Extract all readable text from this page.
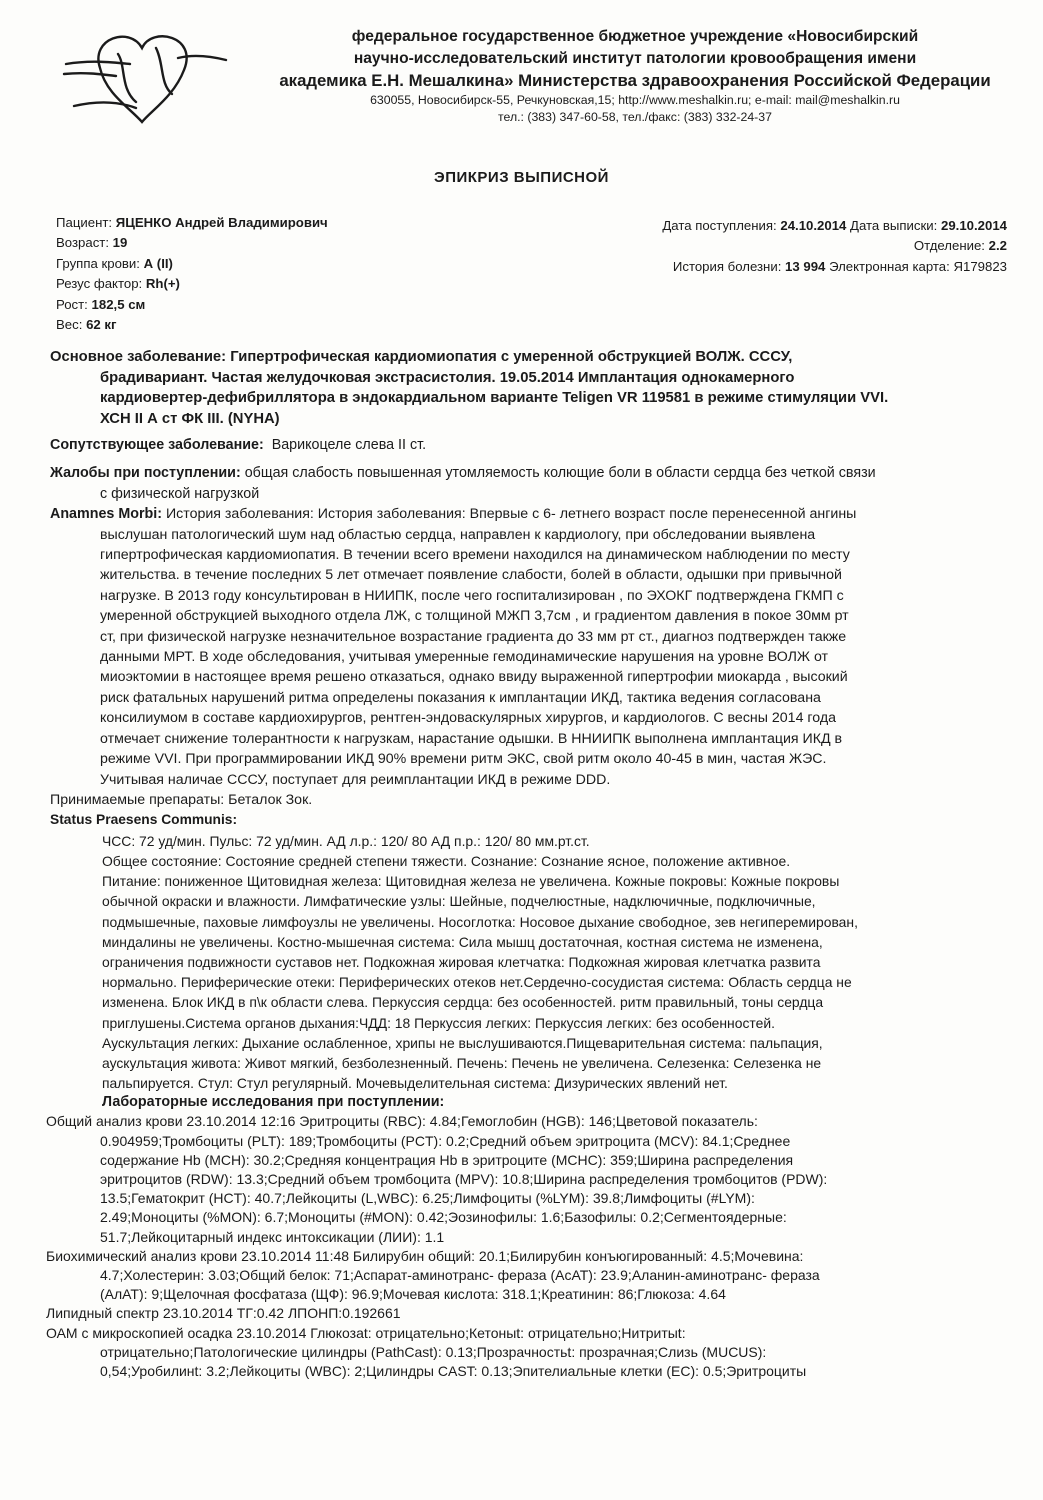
федеральное государственное бюджетное учреждение «Новосибирский
научно-исследовательский институт патологии кровообращения имени
академика Е.Н. Мешалкина» Министерства здравоохранения Российской Федерации
630055, Новосибирск-55, Речкуновская,15; http://www.meshalkin.ru; e-mail: mail@meshalkin.ru
тел.: (383) 347-60-58, тел./факс: (383) 332-24-37
ЭПИКРИЗ ВЫПИСНОЙ
Пациент: ЯЦЕНКО Андрей Владимирович
Возраст: 19
Группа крови: А (II)
Резус фактор: Rh(+)
Рост: 182,5 см
Вес: 62 кг
Дата поступления: 24.10.2014 Дата выписки: 29.10.2014
Отделение: 2.2
История болезни: 13 994 Электронная карта: Я179823
Основное заболевание: Гипертрофическая кардиомиопатия с умеренной обструкцией ВОЛЖ. СССУ,
брадивариант. Частая желудочковая экстрасистолия. 19.05.2014 Имплантация однокамерного
кардиовертер-дефибриллятора в эндокардиальном варианте Teligen VR 119581 в режиме стимуляции VVI.
ХСН II А ст ФК III. (NYHA)
Сопутствующее заболевание: Варикоцеле слева II ст.
Жалобы при поступлении: общая слабость повышенная утомляемость колющие боли в области сердца без четкой связи
с физической нагрузкой
Anamnes Morbi: История заболевания: История заболевания: Впервые с 6- летнего возраст после перенесенной ангины
выслушан патологический шум над областью сердца, направлен к кардиологу, при обследовании выявлена
гипертрофическая кардиомиопатия. В течении всего времени находился на динамическом наблюдении по месту
жительства. в течение последних 5 лет отмечает появление слабости, болей в области, одышки при привычной
нагрузке. В 2013 году консультирован в НИИПК, после чего госпитализирован , по ЭХОКГ подтверждена ГКМП с
умеренной обструкцией выходного отдела ЛЖ, с толщиной МЖП 3,7см , и градиентом давления в покое 30мм рт
ст, при физической нагрузке незначительное возрастание градиента до 33 мм рт ст., диагноз подтвержден также
данными МРТ. В ходе обследования, учитывая умеренные гемодинамические нарушения на уровне ВОЛЖ от
миоэктомии в настоящее время решено отказаться, однако ввиду выраженной гипертрофии миокарда , высокий
риск фатальных нарушений ритма определены показания к имплантации ИКД, тактика ведения согласована
консилиумом в составе кардиохирургов, рентген-эндоваскулярных хирургов, и кардиологов. С весны 2014 года
отмечает снижение толерантности к нагрузкам, нарастание одышки. В ННИИПК выполнена имплантация ИКД в
режиме VVI. При программировании ИКД 90% времени ритм ЭКС, свой ритм около 40-45 в мин, частая ЖЭС.
Учитывая наличае СССУ, поступает для реимплантации ИКД в режиме DDD.
Принимаемые препараты: Беталок Зок.
Status Praesens Communis:
ЧСС: 72 уд/мин. Пульс: 72 уд/мин. АД л.р.: 120/ 80 АД п.р.: 120/ 80 мм.рт.ст.
Общее состояние: Состояние средней степени тяжести. Сознание: Сознание ясное, положение активное.
Питание: пониженное Щитовидная железа: Щитовидная железа не увеличена. Кожные покровы: Кожные покровы
обычной окраски и влажности. Лимфатические узлы: Шейные, подчелюстные, надключичные, подключичные,
подмышечные, паховые лимфоузлы не увеличены. Носоглотка: Носовое дыхание свободное, зев негиперемирован,
миндалины не увеличены. Костно-мышечная система: Сила мышц достаточная, костная система не изменена,
ограничения подвижности суставов нет. Подкожная жировая клетчатка: Подкожная жировая клетчатка развита
нормально. Периферические отеки: Периферических отеков нет.Сердечно-сосудистая система: Область сердца не
изменена. Блок ИКД в п\к области слева. Перкуссия сердца: без особенностей. ритм правильный, тоны сердца
приглушены.Система органов дыхания:ЧДД: 18 Перкуссия легких: Перкуссия легких: без особенностей.
Аускультация легких: Дыхание ослабленное, хрипы не выслушиваются.Пищеварительная система: пальпация,
аускультация живота: Живот мягкий, безболезненный. Печень: Печень не увеличена. Селезенка: Селезенка не
пальпируется. Стул: Стул регулярный. Мочевыделительная система: Дизурических явлений нет.
Лабораторные исследования при поступлении:
Общий анализ крови 23.10.2014 12:16 Эритроциты (RBC): 4.84;Гемоглобин (HGB): 146;Цветовой показатель:
0.904959;Тромбоциты (PLT): 189;Тромбоциты (PCT): 0.2;Средний объем эритроцита (MCV): 84.1;Среднее
содержание Hb (MCH): 30.2;Средняя концентрация Hb в эритроците (MCHC): 359;Ширина распределения
эритроцитов (RDW): 13.3;Средний объем тромбоцита (MPV): 10.8;Ширина распределения тромбоцитов (PDW):
13.5;Гематокрит (HCT): 40.7;Лейкоциты (L,WBC): 6.25;Лимфоциты (%LYM): 39.8;Лимфоциты (#LYM):
2.49;Моноциты (%MON): 6.7;Моноциты (#MON): 0.42;Эозинофилы: 1.6;Базофилы: 0.2;Сегментоядерные:
51.7;Лейкоцитарный индекс интоксикации (ЛИИ): 1.1
Биохимический анализ крови 23.10.2014 11:48 Билирубин общий: 20.1;Билирубин конъюгированный: 4.5;Мочевина:
4.7;Холестерин: 3.03;Общий белок: 71;Аспарат-аминотранс- фераза (АсАТ): 23.9;Аланин-аминотранс- фераза
(АлАТ): 9;Щелочная фосфатаза (ЩФ): 96.9;Мочевая кислота: 318.1;Креатинин: 86;Глюкоза: 4.64
Липидный спектр 23.10.2014 ТГ:0.42 ЛПОНП:0.192661
ОАМ с микроскопией осадка 23.10.2014 Глюкозat: отрицательно;Кетоныt: отрицательно;Нитритыt:
отрицательно;Патологические цилиндры (PathCast): 0.13;Прозрачностьt: прозрачная;Слизь (MUCUS):
0,54;Уробилинt: 3.2;Лейкоциты (WBC): 2;Цилиндры CAST: 0.13;Эпителиальные клетки (EC): 0.5;Эритроциты
